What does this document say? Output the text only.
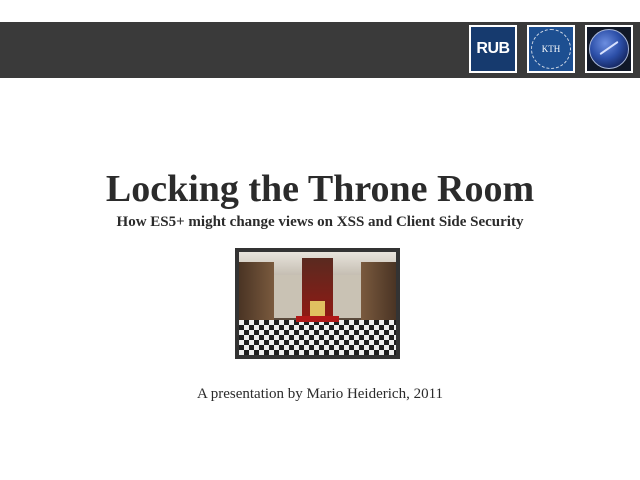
RUB	KTH
Locking the Throne Room
How ES5+ might change views on XSS and Client Side Security
A presentation by Mario Heiderich, 2011
